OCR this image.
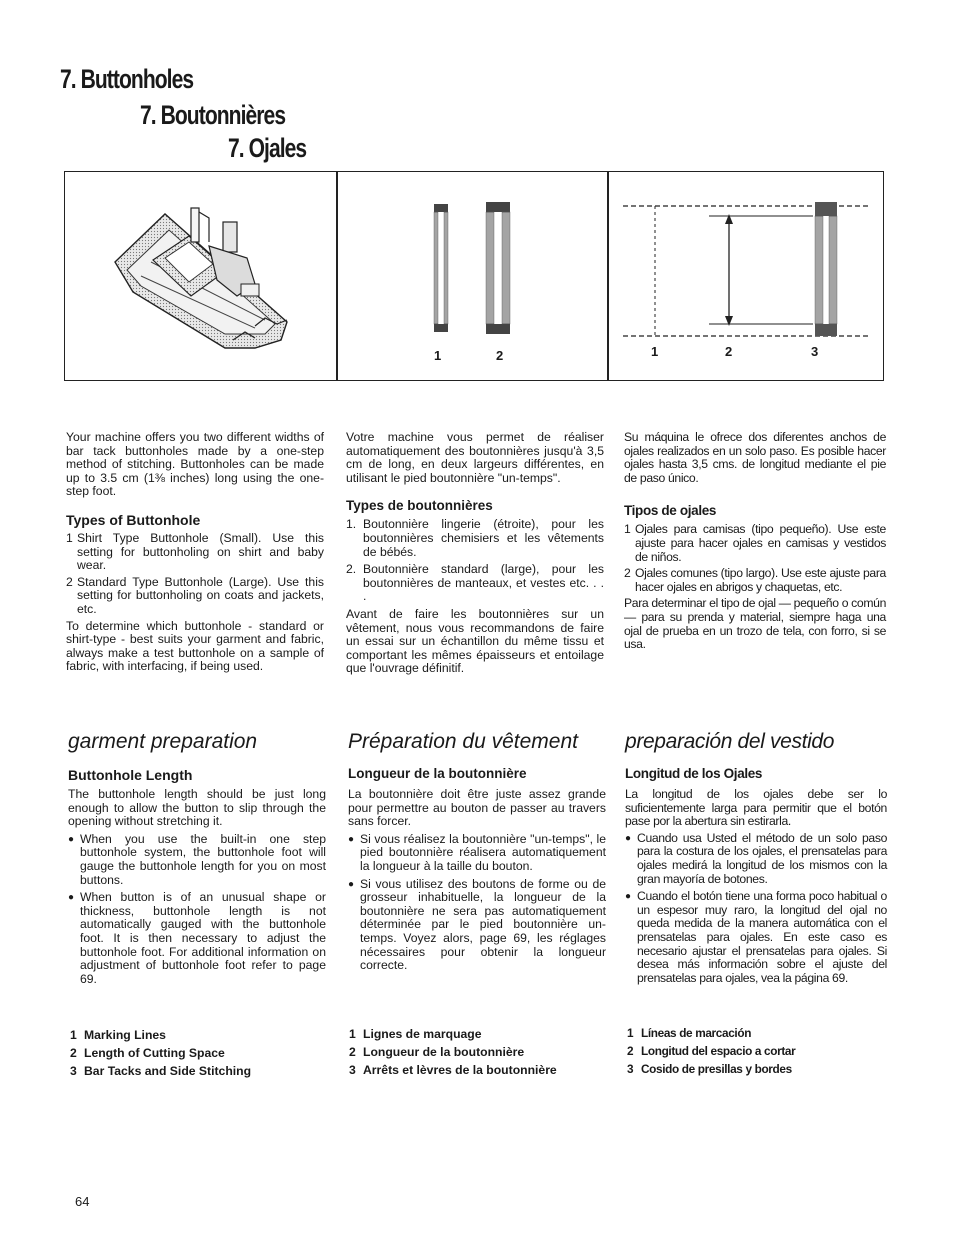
7. Buttonholes
7. Boutonnières
7. Ojales
1	2	1	2	3

Your machine offers you two different widths of bar tack buttonholes made by a one-step method of stitching. Buttonholes can be made up to 3.5 cm (1⅜ inches) long using the one-step foot.

Types of Buttonhole
1 Shirt Type Buttonhole (Small). Use this setting for buttonholing on shirt and baby wear.
2 Standard Type Buttonhole (Large). Use this setting for buttonholing on coats and jackets, etc.

To determine which buttonhole - standard or shirt-type - best suits your garment and fabric, always make a test buttonhole on a sample of fabric, with interfacing, if being used.

Votre machine vous permet de réaliser automatiquement des boutonnières jusqu'à 3,5 cm de long, en deux largeurs différentes, en utilisant le pied boutonnière "un-temps".

Types de boutonnières
1. Boutonnière lingerie (étroite), pour les boutonnières chemisiers et les vêtements de bébés.
2. Boutonnière standard (large), pour les boutonnières de manteaux, et vestes etc. . . .

Avant de faire les boutonnières sur un vêtement, nous vous recommandons de faire un essai sur un échantillon du même tissu et comportant les mêmes épaisseurs et entoilage que l'ouvrage définitif.

Su máquina le ofrece dos diferentes anchos de ojales realizados en un solo paso. Es posible hacer ojales hasta 3,5 cms. de longitud mediante el pie de paso único.

Tipos de ojales
1 Ojales para camisas (tipo pequeño). Use este ajuste para hacer ojales en camisas y vestidos de niños.
2 Ojales comunes (tipo largo). Use este ajuste para hacer ojales en abrigos y chaquetas, etc.

Para determinar el tipo de ojal — pequeño o común — para su prenda y material, siempre haga una ojal de prueba en un trozo de tela, con forro, si se usa.

garment preparation
Buttonhole Length

The buttonhole length should be just long enough to allow the button to slip through the opening without stretching it.

● When you use the built-in one step buttonhole system, the buttonhole foot will gauge the buttonhole length for you on most buttons.
● When button is of an unusual shape or thickness, buttonhole length is not automatically gauged with the buttonhole foot. It is then necessary to adjust the buttonhole foot. For additional information on adjustment of buttonhole foot refer to page 69.
Préparation du vêtement
Longueur de la boutonnière

La boutonnière doit être juste assez grande pour permettre au bouton de passer au travers sans forcer.

● Si vous réalisez la boutonnière "un-temps", le pied boutonnière réalisera automatiquement la longueur à la taille du bouton.
● Si vous utilisez des boutons de forme ou de grosseur inhabituelle, la longueur de la boutonnière ne sera pas automatiquement déterminée par le pied boutonnière un-temps. Voyez alors, page 69, les réglages nécessaires pour obtenir la longueur correcte.
preparación del vestido
Longitud de los Ojales

La longitud de los ojales debe ser lo suficientemente larga para permitir que el botón pase por la abertura sin estirarla.

● Cuando usa Usted el método de un solo paso para la costura de los ojales, el prensatelas para ojales medirá la longitud de los mismos con la gran mayoría de botones.
● Cuando el botón tiene una forma poco habitual o un espesor muy raro, la longitud del ojal no queda medida de la manera automática con el prensatelas para ojales. En este caso es necesario ajustar el prensatelas para ojales. Si desea más información sobre el ajuste del prensatelas para ojales, vea la página 69.
1 Marking Lines
2 Length of Cutting Space
3 Bar Tacks and Side Stitching
1 Lignes de marquage
2 Longueur de la boutonnière
3 Arrêts et lèvres de la boutonnière
1 Líneas de marcación
2 Longitud del espacio a cortar
3 Cosido de presillas y bordes
64
